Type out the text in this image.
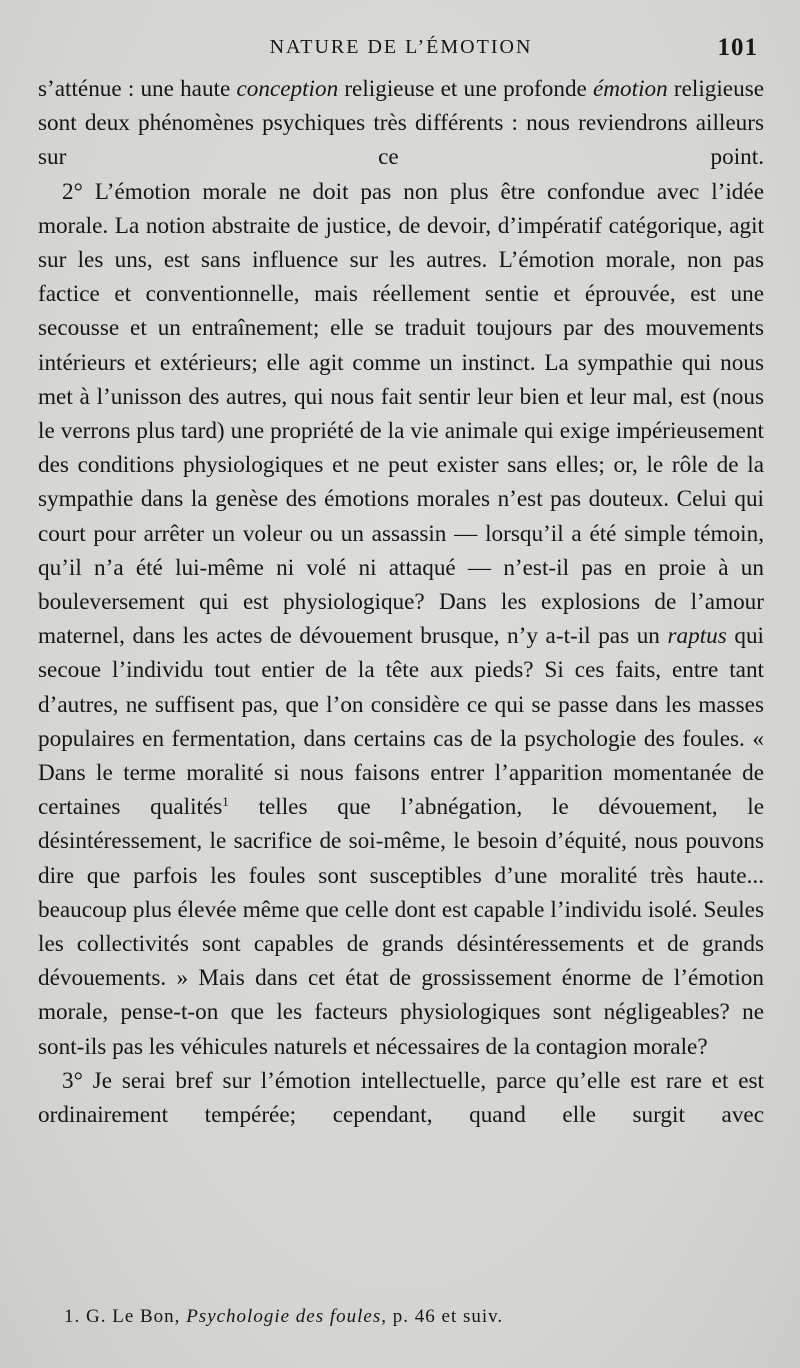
NATURE DE L’ÉMOTION	101

s’atténue : une haute conception religieuse et une profonde émotion religieuse sont deux phénomènes psychiques très différents : nous reviendrons ailleurs sur ce point.

2° L’émotion morale ne doit pas non plus être confondue avec l’idée morale. La notion abstraite de justice, de devoir, d’impératif catégorique, agit sur les uns, est sans influence sur les autres. L’émotion morale, non pas factice et conventionnelle, mais réellement sentie et éprouvée, est une secousse et un entraînement; elle se traduit toujours par des mouvements intérieurs et extérieurs; elle agit comme un instinct. La sympathie qui nous met à l’unisson des autres, qui nous fait sentir leur bien et leur mal, est (nous le verrons plus tard) une propriété de la vie animale qui exige impérieusement des conditions physiologiques et ne peut exister sans elles; or, le rôle de la sympathie dans la genèse des émotions morales n’est pas douteux. Celui qui court pour arrêter un voleur ou un assassin — lorsqu’il a été simple témoin, qu’il n’a été lui-même ni volé ni attaqué — n’est-il pas en proie à un bouleversement qui est physiologique? Dans les explosions de l’amour maternel, dans les actes de dévouement brusque, n’y a-t-il pas un raptus qui secoue l’individu tout entier de la tête aux pieds? Si ces faits, entre tant d’autres, ne suffisent pas, que l’on considère ce qui se passe dans les masses populaires en fermentation, dans certains cas de la psychologie des foules. « Dans le terme moralité si nous faisons entrer l’apparition momentanée de certaines qualités$^1$ telles que l’abnégation, le dévouement, le désintéressement, le sacrifice de soi-même, le besoin d’équité, nous pouvons dire que parfois les foules sont susceptibles d’une moralité très haute... beaucoup plus élevée même que celle dont est capable l’individu isolé. Seules les collectivités sont capables de grands désintéressements et de grands dévouements. » Mais dans cet état de grossissement énorme de l’émotion morale, pense-t-on que les facteurs physiologiques sont négligeables? ne sont-ils pas les véhicules naturels et nécessaires de la contagion morale?

3° Je serai bref sur l’émotion intellectuelle, parce qu’elle est rare et est ordinairement tempérée; cependant, quand elle surgit avec

1. G. Le Bon, Psychologie des foules, p. 46 et suiv.
